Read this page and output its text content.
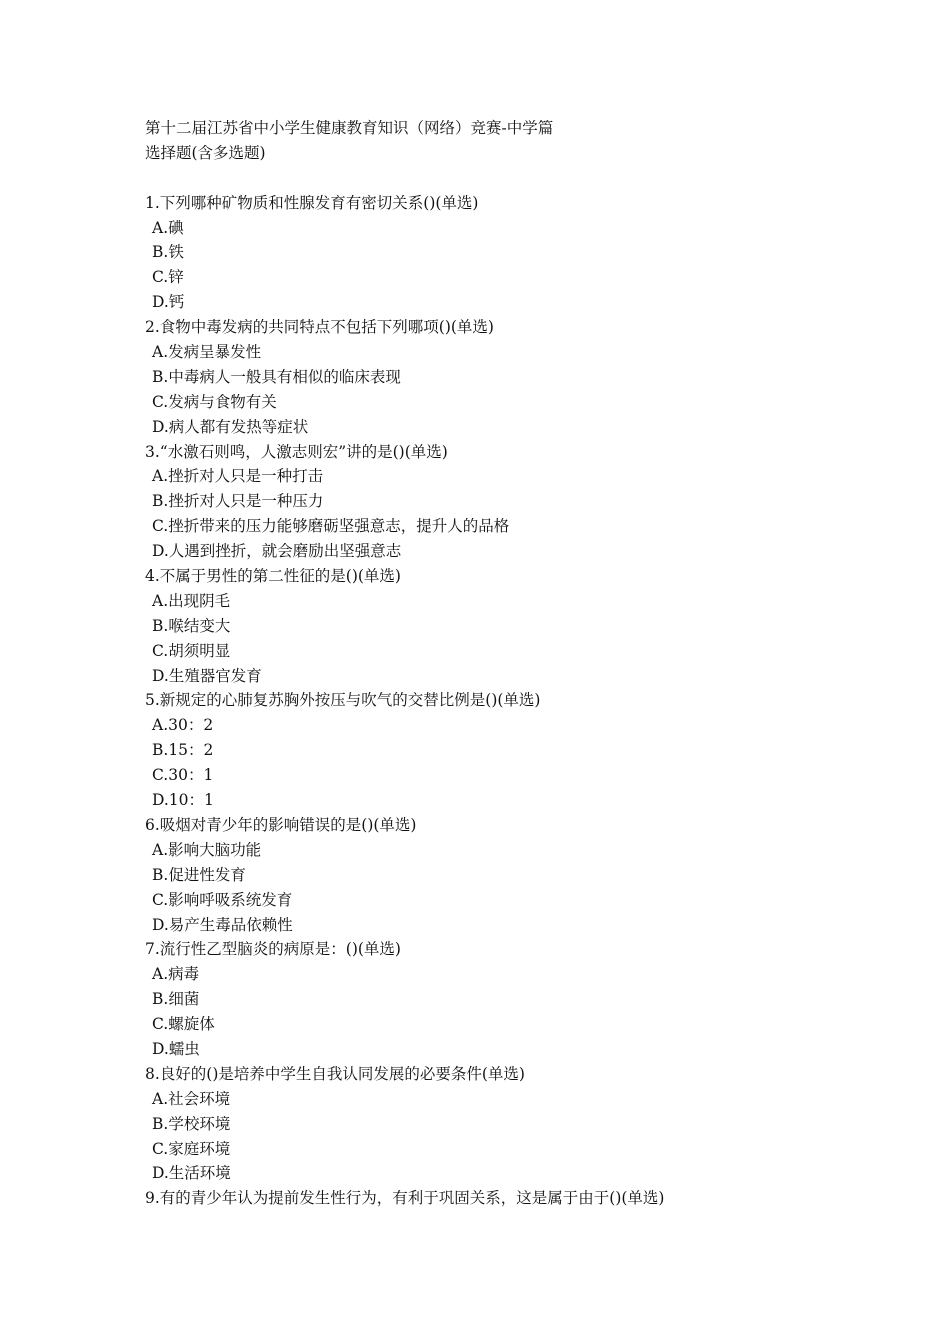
第十二届江苏省中小学生健康教育知识（网络）竞赛-中学篇
选择题(含多选题)
1.下列哪种矿物质和性腺发育有密切关系()(单选)
A.碘
B.铁
C.锌
D.钙
2.食物中毒发病的共同特点不包括下列哪项()(单选)
A.发病呈暴发性
B.中毒病人一般具有相似的临床表现
C.发病与食物有关
D.病人都有发热等症状
3.“水激石则鸣，人激志则宏”讲的是()(单选)
A.挫折对人只是一种打击
B.挫折对人只是一种压力
C.挫折带来的压力能够磨砺坚强意志，提升人的品格
D.人遇到挫折，就会磨励出坚强意志
4.不属于男性的第二性征的是()(单选)
A.出现阴毛
B.喉结变大
C.胡须明显
D.生殖器官发育
5.新规定的心肺复苏胸外按压与吹气的交替比例是()(单选)
A.30：2
B.15：2
C.30：1
D.10：1
6.吸烟对青少年的影响错误的是()(单选)
A.影响大脑功能
B.促进性发育
C.影响呼吸系统发育
D.易产生毒品依赖性
7.流行性乙型脑炎的病原是：()(单选)
A.病毒
B.细菌
C.螺旋体
D.蠕虫
8.良好的()是培养中学生自我认同发展的必要条件(单选)
A.社会环境
B.学校环境
C.家庭环境
D.生活环境
9.有的青少年认为提前发生性行为，有利于巩固关系，这是属于由于()(单选)
